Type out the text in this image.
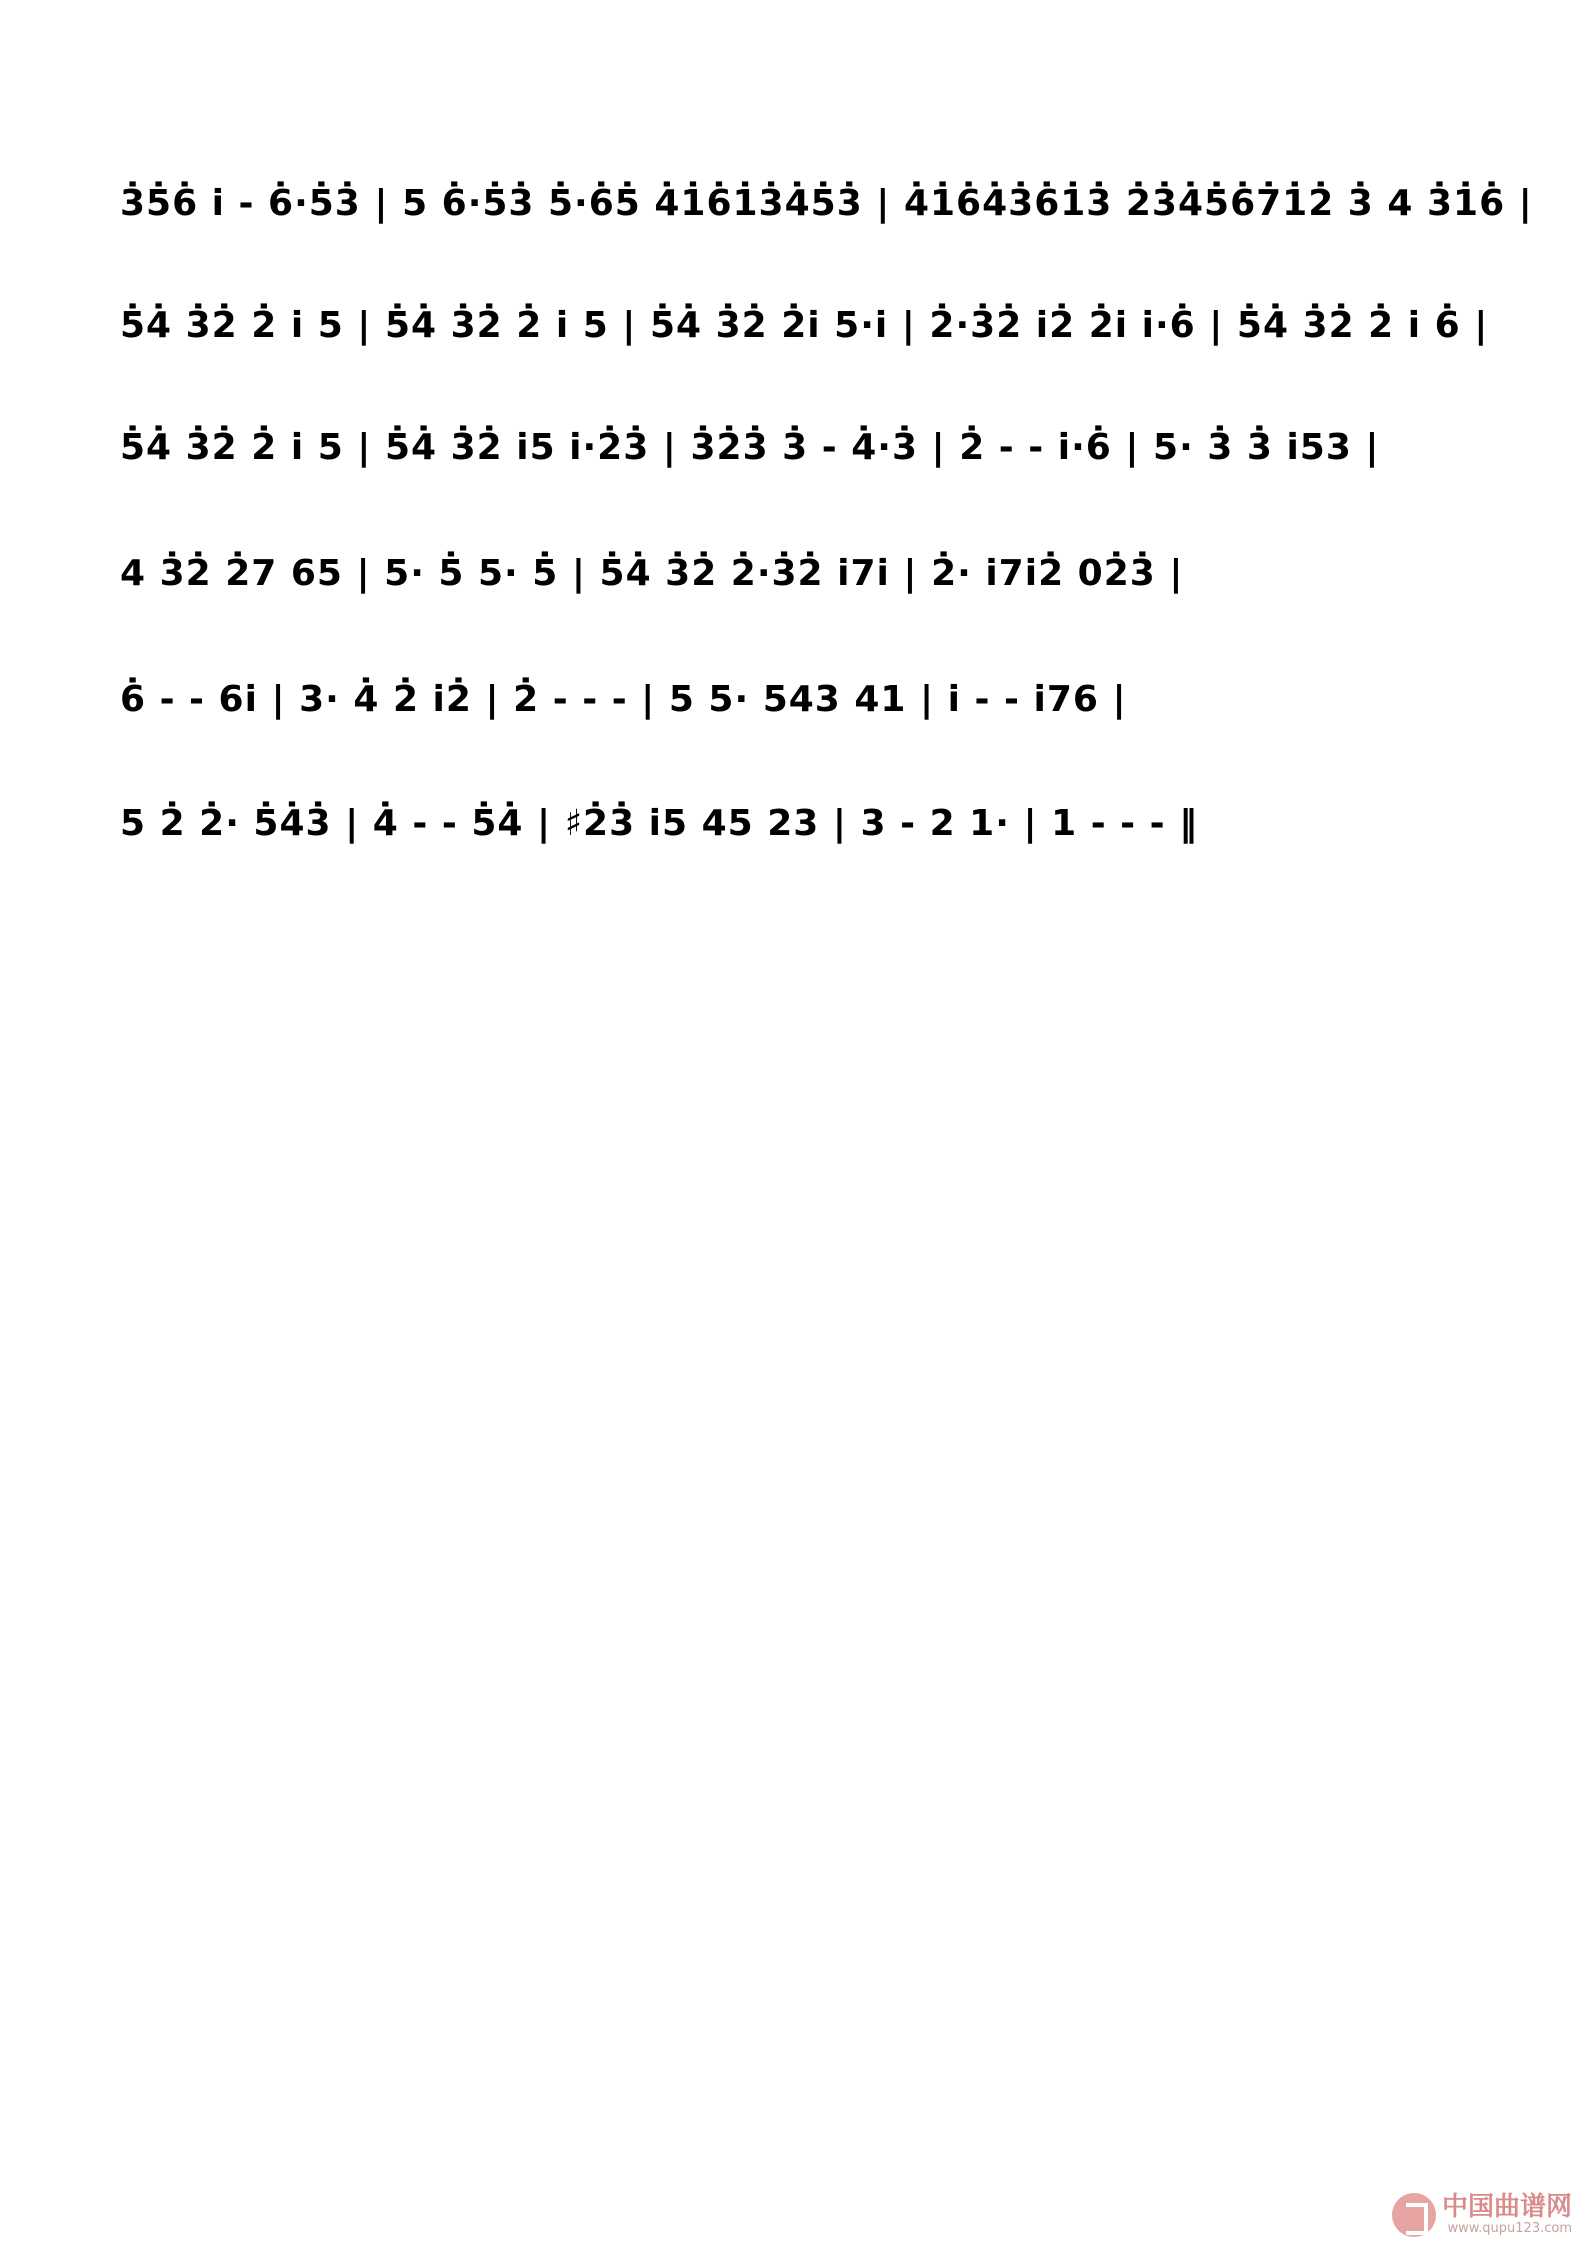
3̇5̇6̇ i̇ - 6̇·5̇3̇ | 5 6̇·5̇3̇ 5̇·6̇5̇ 4̇1̇6̇1̇3̇4̇5̇3̇ | 4̇1̇6̇4̇3̇6̇1̇3̇ 2̇3̇4̇5̇6̇7̇1̇2̇ 3̇ 4 3̇1̇6̇ |
5̇4̇ 3̇2̇ 2̇ i̇ 5 | 5̇4̇ 3̇2̇ 2̇ i̇ 5 | 5̇4̇ 3̇2̇ 2̇i̇ 5·i̇ | 2̇·3̇2̇ i̇2̇ 2̇i̇ i̇·6̇ | 5̇4̇ 3̇2̇ 2̇ i̇ 6̇ |
5̇4̇ 3̇2̇ 2̇ i̇ 5 | 5̇4̇ 3̇2̇ i̇5 i̇·2̇3̇ | 3̇2̇3̇ 3̇ - 4̇·3̇ | 2̇ - - i̇·6̇ | 5· 3̇ 3̇ i̇53 |
4 3̇2̇ 2̇7 65 | 5· 5̇ 5· 5̇ | 5̇4̇ 3̇2̇ 2̇·3̇2̇ i̇7i̇ | 2̇· i̇7i̇2̇ 02̇3̇ |
6̇ - - 6i̇ | 3· 4̇ 2̇ i̇2̇ | 2̇ - - - | 5 5· 543 41 | i̇ - - i̇76 |
5 2̇ 2̇· 5̇4̇3̇ | 4̇ - - 5̇4̇ | ♯2̇3̇ i̇5 45 23 | 3 - 2 1· | 1 - - - ‖
中国曲谱网
www.qupu123.com
